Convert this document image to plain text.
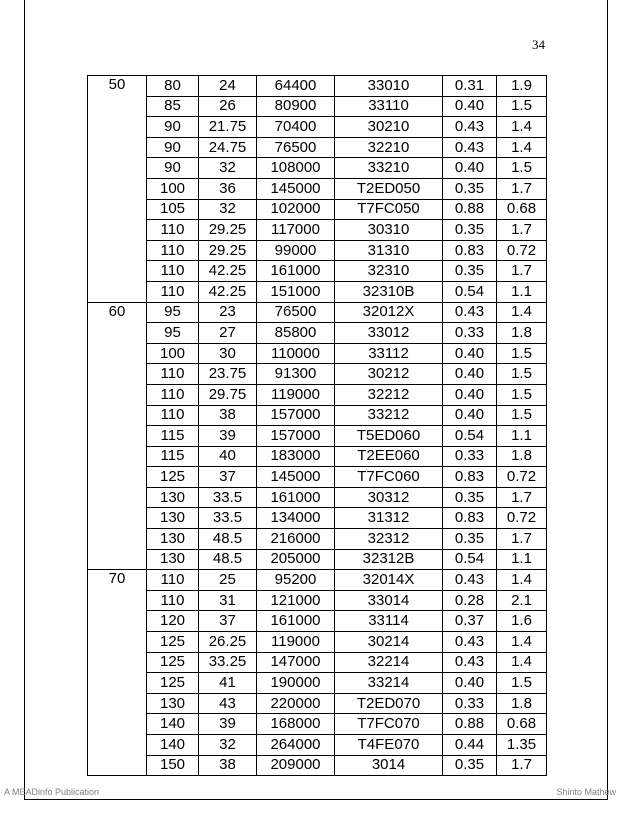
34
50	80	24	64400	33010	0.31	1.9
	85	26	80900	33110	0.40	1.5
	90	21.75	70400	30210	0.43	1.4
	90	24.75	76500	32210	0.43	1.4
	90	32	108000	33210	0.40	1.5
	100	36	145000	T2ED050	0.35	1.7
	105	32	102000	T7FC050	0.88	0.68
	110	29.25	117000	30310	0.35	1.7
	110	29.25	99000	31310	0.83	0.72
	110	42.25	161000	32310	0.35	1.7
	110	42.25	151000	32310B	0.54	1.1
60	95	23	76500	32012X	0.43	1.4
	95	27	85800	33012	0.33	1.8
	100	30	110000	33112	0.40	1.5
	110	23.75	91300	30212	0.40	1.5
	110	29.75	119000	32212	0.40	1.5
	110	38	157000	33212	0.40	1.5
	115	39	157000	T5ED060	0.54	1.1
	115	40	183000	T2EE060	0.33	1.8
	125	37	145000	T7FC060	0.83	0.72
	130	33.5	161000	30312	0.35	1.7
	130	33.5	134000	31312	0.83	0.72
	130	48.5	216000	32312	0.35	1.7
	130	48.5	205000	32312B	0.54	1.1
70	110	25	95200	32014X	0.43	1.4
	110	31	121000	33014	0.28	2.1
	120	37	161000	33114	0.37	1.6
	125	26.25	119000	30214	0.43	1.4
	125	33.25	147000	32214	0.43	1.4
	125	41	190000	33214	0.40	1.5
	130	43	220000	T2ED070	0.33	1.8
	140	39	168000	T7FC070	0.88	0.68
	140	32	264000	T4FE070	0.44	1.35
	150	38	209000	3014	0.35	1.7
A MEADinfo Publication	Shinto Mathew
